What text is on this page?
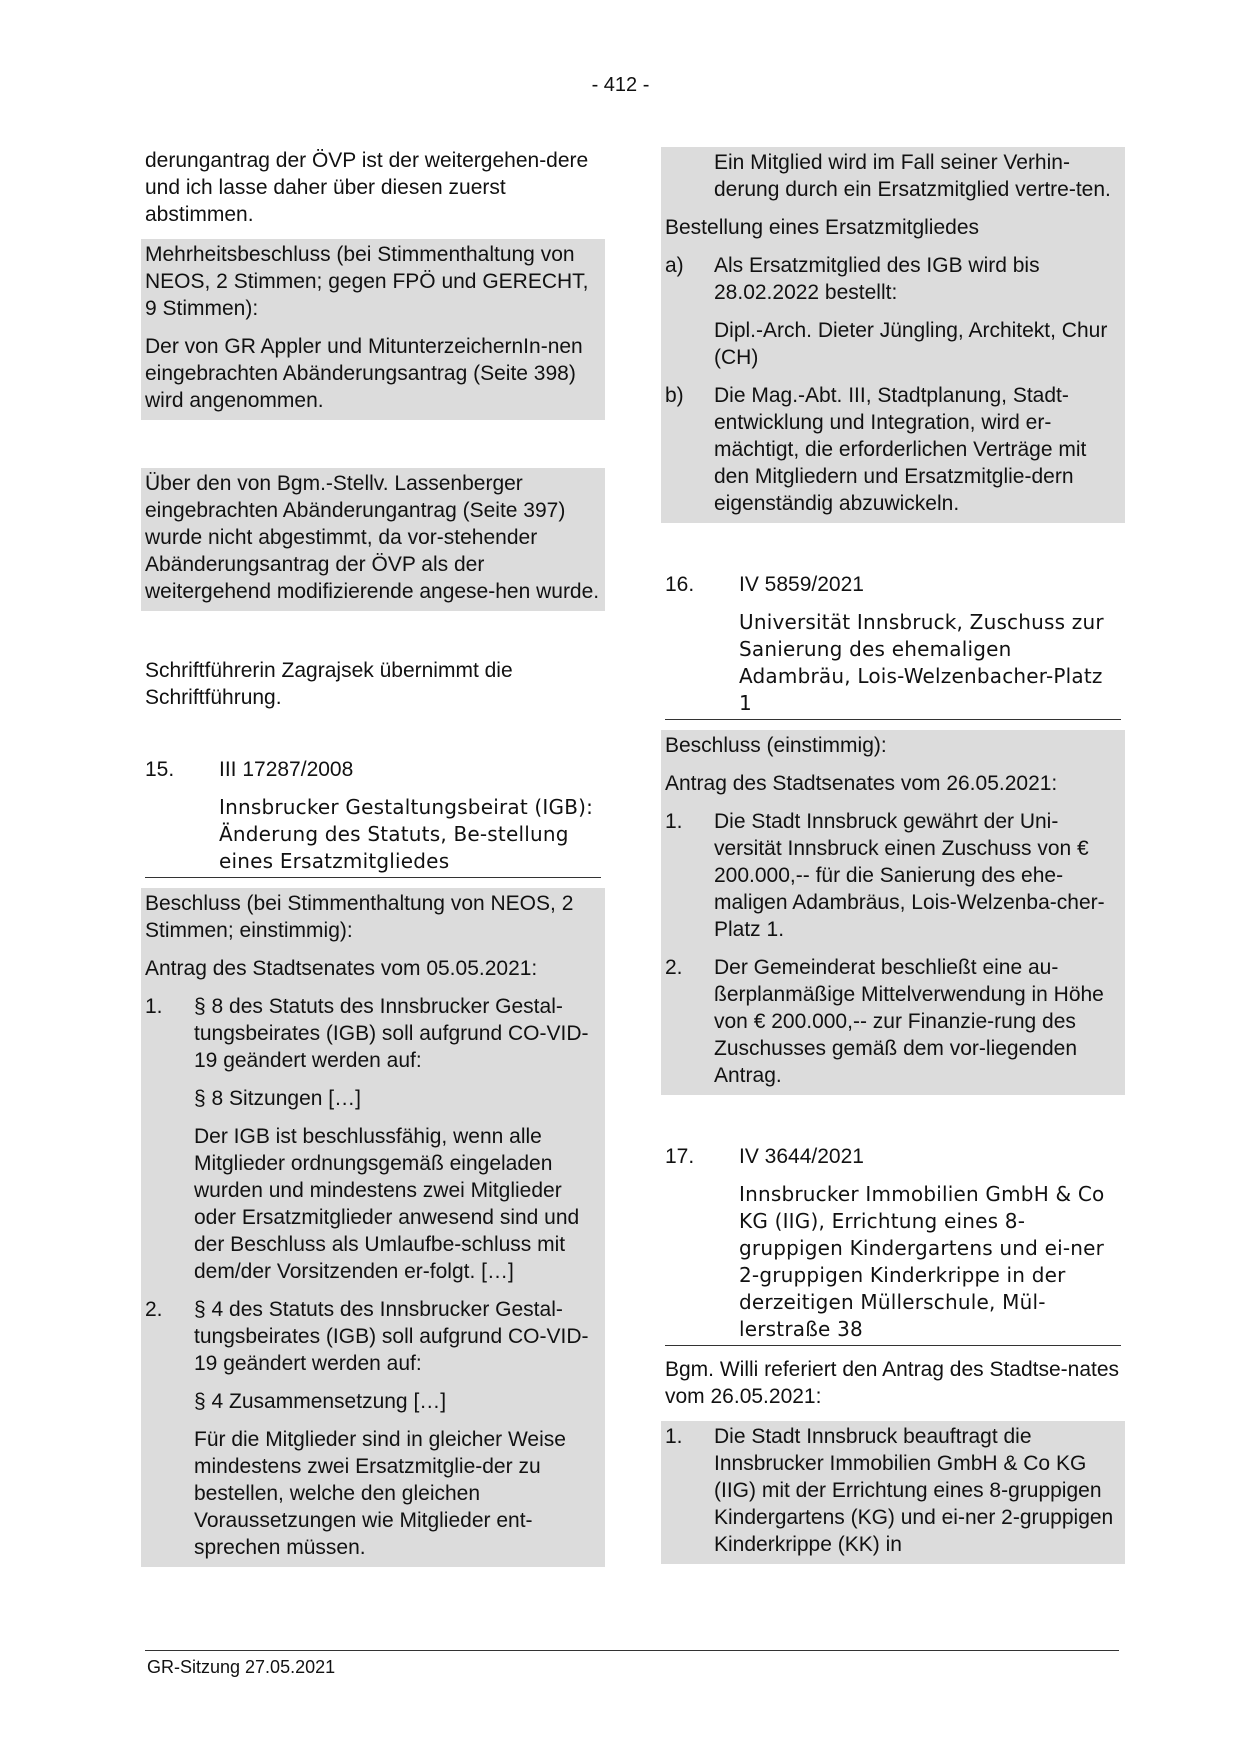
- 412 -
derungantrag der ÖVP ist der weitergehen-dere und ich lasse daher über diesen zuerst abstimmen.
Mehrheitsbeschluss (bei Stimmenthaltung von NEOS, 2 Stimmen; gegen FPÖ und GERECHT, 9 Stimmen):
Der von GR Appler und MitunterzeichernIn-nen eingebrachten Abänderungsantrag (Seite 398) wird angenommen.
Über den von Bgm.-Stellv. Lassenberger eingebrachten Abänderungantrag (Seite 397) wurde nicht abgestimmt, da vor-stehender Abänderungsantrag der ÖVP als der weitergehend modifizierende angese-hen wurde.
Schriftführerin Zagrajsek übernimmt die Schriftführung.
15.	III 17287/2008
Innsbrucker Gestaltungsbeirat (IGB): Änderung des Statuts, Be-stellung eines Ersatzmitgliedes
Beschluss (bei Stimmenthaltung von NEOS, 2 Stimmen; einstimmig):
Antrag des Stadtsenates vom 05.05.2021:
1.	§ 8 des Statuts des Innsbrucker Gestal-tungsbeirates (IGB) soll aufgrund CO-VID-19 geändert werden auf:
§ 8 Sitzungen […]
Der IGB ist beschlussfähig, wenn alle Mitglieder ordnungsgemäß eingeladen wurden und mindestens zwei Mitglieder oder Ersatzmitglieder anwesend sind und der Beschluss als Umlaufbe-schluss mit dem/der Vorsitzenden er-folgt. […]
2.	§ 4 des Statuts des Innsbrucker Gestal-tungsbeirates (IGB) soll aufgrund CO-VID-19 geändert werden auf:
§ 4 Zusammensetzung […]
Für die Mitglieder sind in gleicher Weise mindestens zwei Ersatzmitglie-der zu bestellen, welche den gleichen Voraussetzungen wie Mitglieder ent-sprechen müssen.
Ein Mitglied wird im Fall seiner Verhin-derung durch ein Ersatzmitglied vertre-ten.
Bestellung eines Ersatzmitgliedes
a)	Als Ersatzmitglied des IGB wird bis 28.02.2022 bestellt:
Dipl.-Arch. Dieter Jüngling, Architekt, Chur (CH)
b)	Die Mag.-Abt. III, Stadtplanung, Stadt-entwicklung und Integration, wird er-mächtigt, die erforderlichen Verträge mit den Mitgliedern und Ersatzmitglie-dern eigenständig abzuwickeln.
16.	IV 5859/2021
Universität Innsbruck, Zuschuss zur Sanierung des ehemaligen Adambräu, Lois-Welzenbacher-Platz 1
Beschluss (einstimmig):
Antrag des Stadtsenates vom 26.05.2021:
1.	Die Stadt Innsbruck gewährt der Uni-versität Innsbruck einen Zuschuss von € 200.000,-- für die Sanierung des ehe-maligen Adambräus, Lois-Welzenba-cher-Platz 1.
2.	Der Gemeinderat beschließt eine au-ßerplanmäßige Mittelverwendung in Höhe von € 200.000,-- zur Finanzie-rung des Zuschusses gemäß dem vor-liegenden Antrag.
17.	IV 3644/2021
Innsbrucker Immobilien GmbH & Co KG (IIG), Errichtung eines 8-gruppigen Kindergartens und ei-ner 2-gruppigen Kinderkrippe in der derzeitigen Müllerschule, Mül-lerstraße 38
Bgm. Willi referiert den Antrag des Stadtse-nates vom 26.05.2021:
1.	Die Stadt Innsbruck beauftragt die Innsbrucker Immobilien GmbH & Co KG (IIG) mit der Errichtung eines 8-gruppigen Kindergartens (KG) und ei-ner 2-gruppigen Kinderkrippe (KK) in
GR-Sitzung 27.05.2021
